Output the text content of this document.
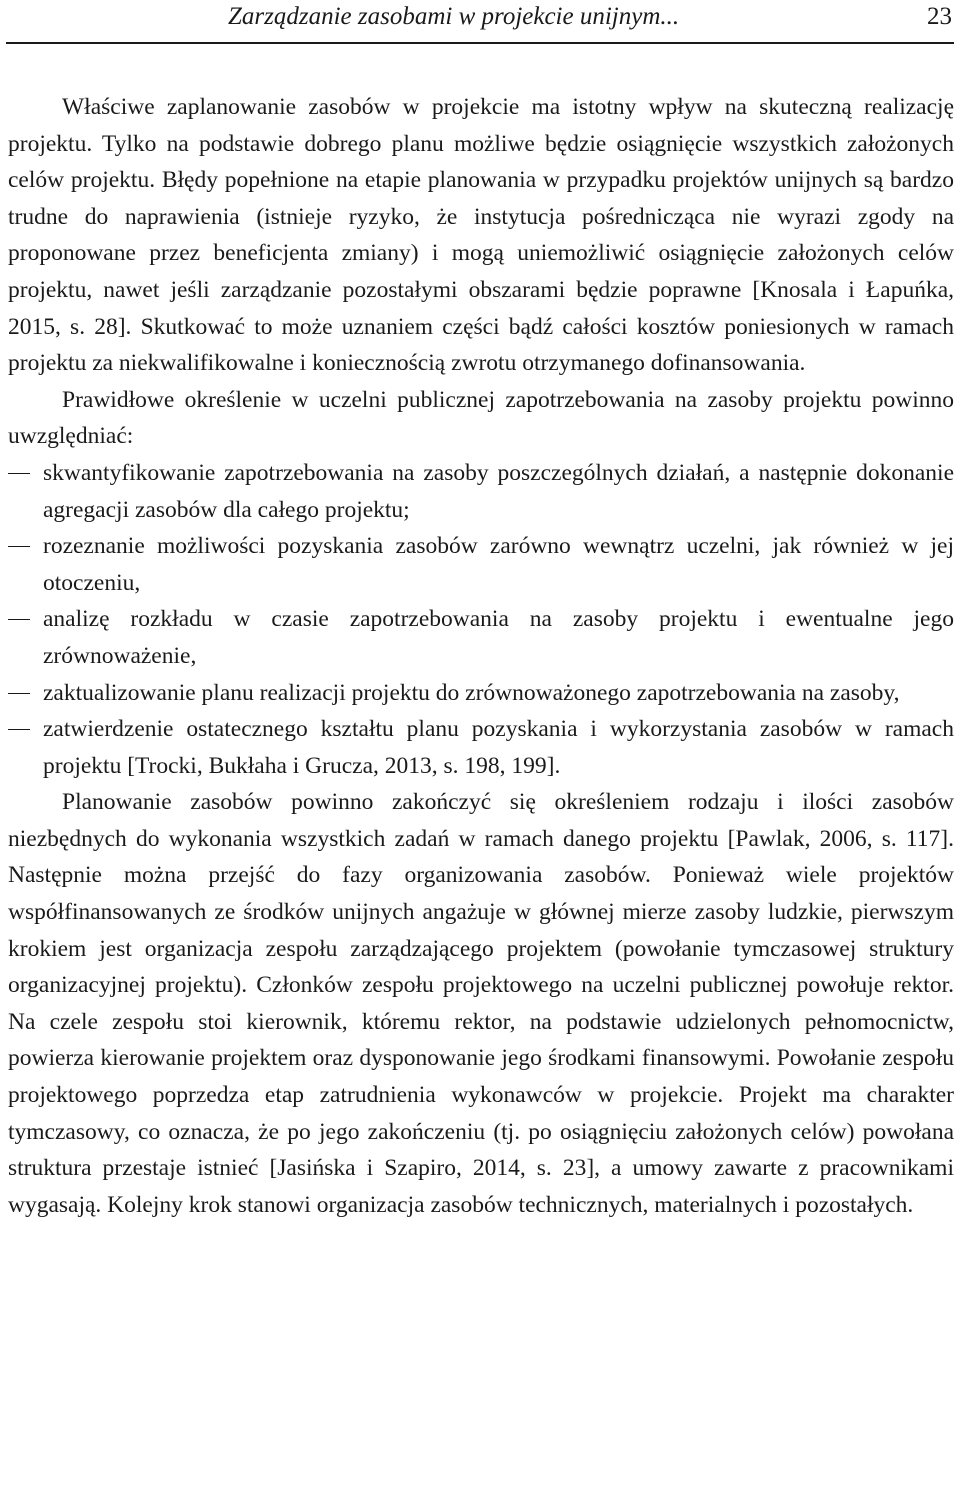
Zarządzanie zasobami w projekcie unijnym...	23

Właściwe zaplanowanie zasobów w projekcie ma istotny wpływ na skuteczną realizację projektu. Tylko na podstawie dobrego planu możliwe będzie osiągnięcie wszystkich założonych celów projektu. Błędy popełnione na etapie planowania w przypadku projektów unijnych są bardzo trudne do naprawienia (istnieje ryzyko, że instytucja pośrednicząca nie wyrazi zgody na proponowane przez beneficjenta zmiany) i mogą uniemożliwić osiągnięcie założonych celów projektu, nawet jeśli zarządzanie pozostałymi obszarami będzie poprawne [Knosala i Łapuńka, 2015, s. 28]. Skutkować to może uznaniem części bądź całości kosztów poniesionych w ramach projektu za niekwalifikowalne i koniecznością zwrotu otrzymanego dofinansowania.

Prawidłowe określenie w uczelni publicznej zapotrzebowania na zasoby projektu powinno uwzględniać:

skwantyfikowanie zapotrzebowania na zasoby poszczególnych działań, a następnie dokonanie agregacji zasobów dla całego projektu;
rozeznanie możliwości pozyskania zasobów zarówno wewnątrz uczelni, jak również w jej otoczeniu,
analizę rozkładu w czasie zapotrzebowania na zasoby projektu i ewentualne jego zrównoważenie,
zaktualizowanie planu realizacji projektu do zrównoważonego zapotrzebowania na zasoby,
zatwierdzenie ostatecznego kształtu planu pozyskania i wykorzystania zasobów w ramach projektu [Trocki, Bukłaha i Grucza, 2013, s. 198, 199].

Planowanie zasobów powinno zakończyć się określeniem rodzaju i ilości zasobów niezbędnych do wykonania wszystkich zadań w ramach danego projektu [Pawlak, 2006, s. 117]. Następnie można przejść do fazy organizowania zasobów. Ponieważ wiele projektów współfinansowanych ze środków unijnych angażuje w głównej mierze zasoby ludzkie, pierwszym krokiem jest organizacja zespołu zarządzającego projektem (powołanie tymczasowej struktury organizacyjnej projektu). Członków zespołu projektowego na uczelni publicznej powołuje rektor. Na czele zespołu stoi kierownik, któremu rektor, na podstawie udzielonych pełnomocnictw, powierza kierowanie projektem oraz dysponowanie jego środkami finansowymi. Powołanie zespołu projektowego poprzedza etap zatrudnienia wykonawców w projekcie. Projekt ma charakter tymczasowy, co oznacza, że po jego zakończeniu (tj. po osiągnięciu założonych celów) powołana struktura przestaje istnieć [Jasińska i Szapiro, 2014, s. 23], a umowy zawarte z pracownikami wygasają. Kolejny krok stanowi organizacja zasobów technicznych, materialnych i pozostałych.
